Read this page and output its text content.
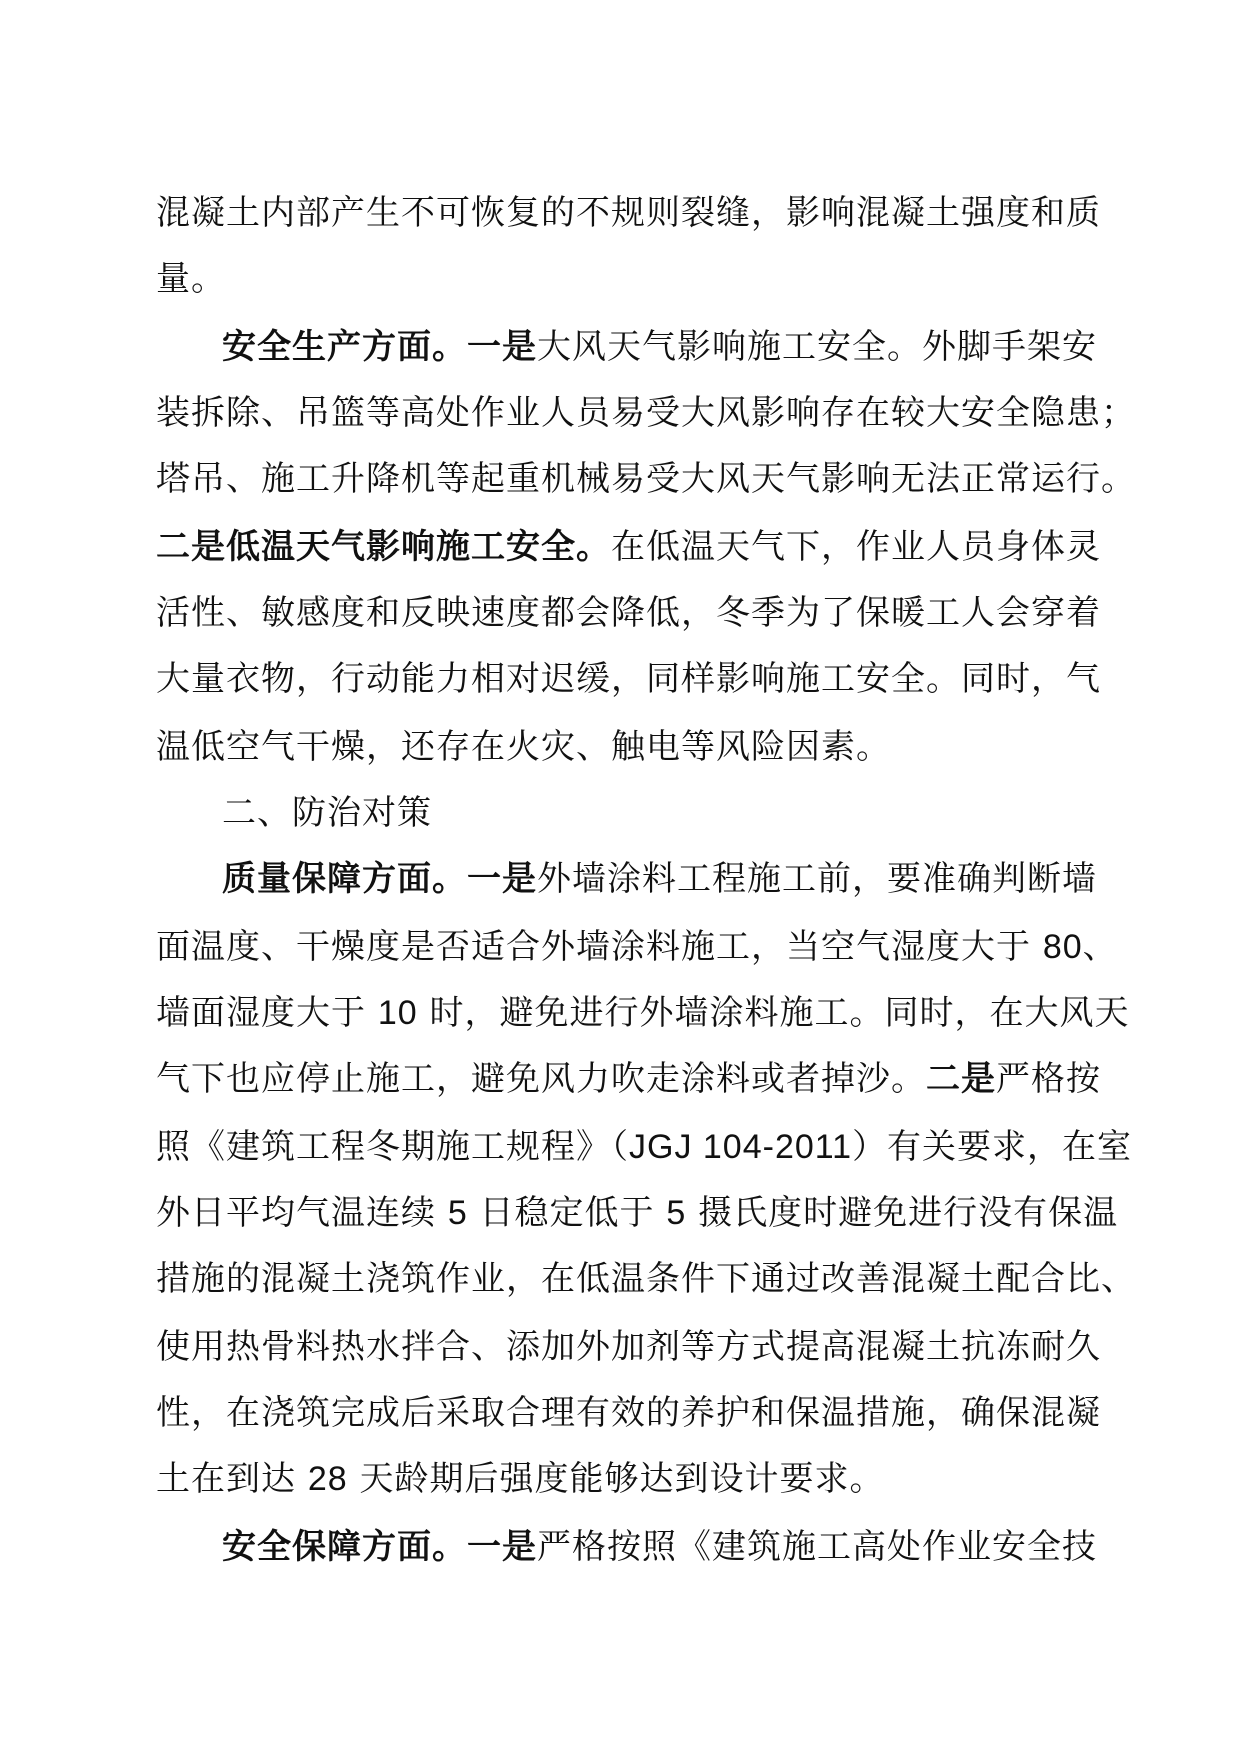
混凝土内部产生不可恢复的不规则裂缝，影响混凝土强度和质
量。
安全生产方面。一是大风天气影响施工安全。外脚手架安
装拆除、吊篮等高处作业人员易受大风影响存在较大安全隐患；
塔吊、施工升降机等起重机械易受大风天气影响无法正常运行。
二是低温天气影响施工安全。在低温天气下，作业人员身体灵
活性、敏感度和反映速度都会降低，冬季为了保暖工人会穿着
大量衣物，行动能力相对迟缓，同样影响施工安全。同时，气
温低空气干燥，还存在火灾、触电等风险因素。
二、防治对策
质量保障方面。一是外墙涂料工程施工前，要准确判断墙
面温度、干燥度是否适合外墙涂料施工，当空气湿度大于 80、
墙面湿度大于 10 时，避免进行外墙涂料施工。同时，在大风天
气下也应停止施工，避免风力吹走涂料或者掉沙。二是严格按
照《建筑工程冬期施工规程》（JGJ 104-2011）有关要求，在室
外日平均气温连续 5 日稳定低于 5 摄氏度时避免进行没有保温
措施的混凝土浇筑作业，在低温条件下通过改善混凝土配合比、
使用热骨料热水拌合、添加外加剂等方式提高混凝土抗冻耐久
性，在浇筑完成后采取合理有效的养护和保温措施，确保混凝
土在到达 28 天龄期后强度能够达到设计要求。
安全保障方面。一是严格按照《建筑施工高处作业安全技
